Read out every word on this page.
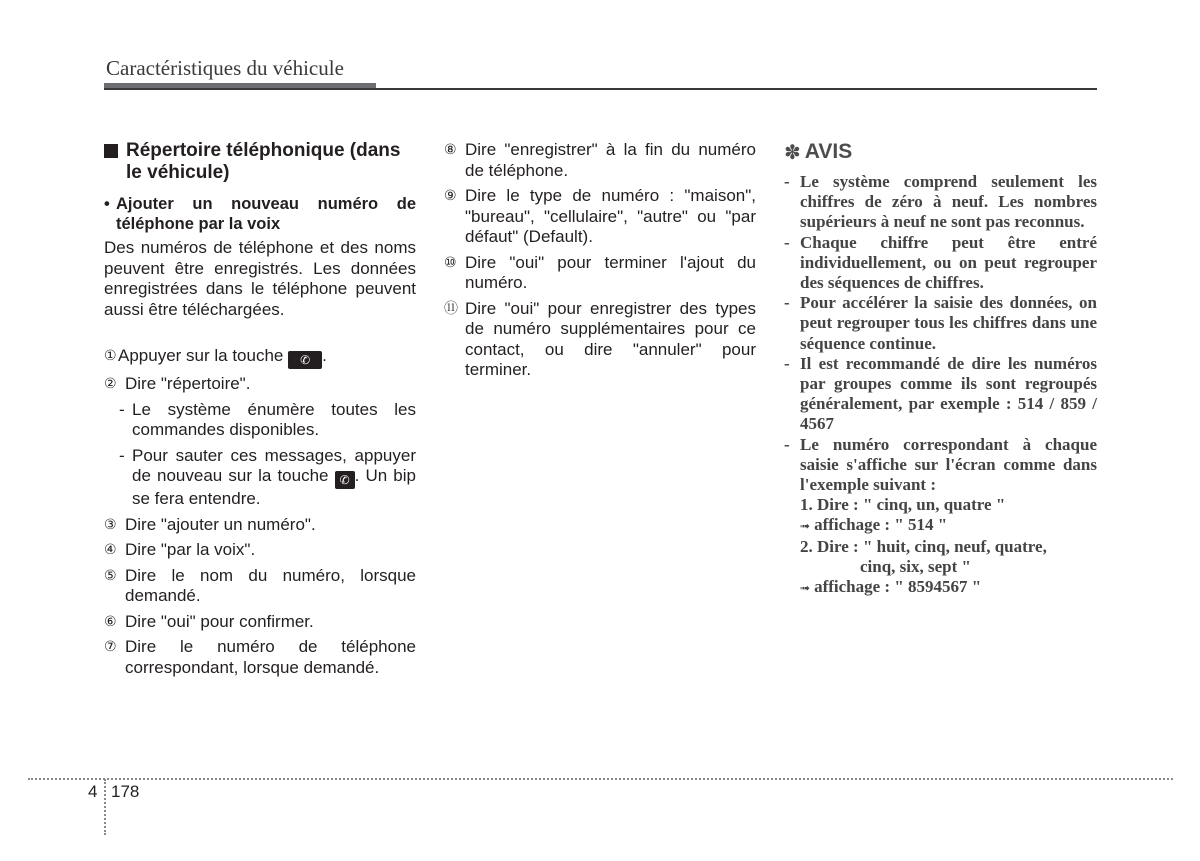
Caractéristiques du véhicule
Répertoire téléphonique (dans le véhicule)
• Ajouter un nouveau numéro de téléphone par la voix
Des numéros de téléphone et des noms peuvent être enregistrés. Les données enregistrées dans le téléphone peuvent aussi être téléchargées.
① Appuyer sur la touche ✆ .
② Dire "répertoire".
- Le système énumère toutes les commandes disponibles.
- Pour sauter ces messages, appuyer de nouveau sur la touche ✆ . Un bip se fera entendre.
③ Dire "ajouter un numéro".
④ Dire "par la voix".
⑤ Dire le nom du numéro, lorsque demandé.
⑥ Dire "oui" pour confirmer.
⑦ Dire le numéro de téléphone correspondant, lorsque demandé.
⑧ Dire "enregistrer" à la fin du numéro de téléphone.
⑨ Dire le type de numéro : "maison", "bureau", "cellulaire", "autre" ou "par défaut" (Default).
⑩ Dire "oui" pour terminer l'ajout du numéro.
⑪ Dire "oui" pour enregistrer des types de numéro supplémentaires pour ce contact, ou dire "annuler" pour terminer.
✽ AVIS
- Le système comprend seulement les chiffres de zéro à neuf. Les nombres supérieurs à neuf ne sont pas reconnus.
- Chaque chiffre peut être entré individuellement, ou on peut regrouper des séquences de chiffres.
- Pour accélérer la saisie des données, on peut regrouper tous les chiffres dans une séquence continue.
- Il est recommandé de dire les numéros par groupes comme ils sont regroupés généralement, par exemple : 514 / 859 / 4567
- Le numéro correspondant à chaque saisie s'affiche sur l'écran comme dans l'exemple suivant :
1. Dire : " cinq, un, quatre "
➟ affichage : " 514 "
2. Dire : " huit, cinq, neuf, quatre,
cinq, six, sept "
➟ affichage : " 8594567 "
4 178
